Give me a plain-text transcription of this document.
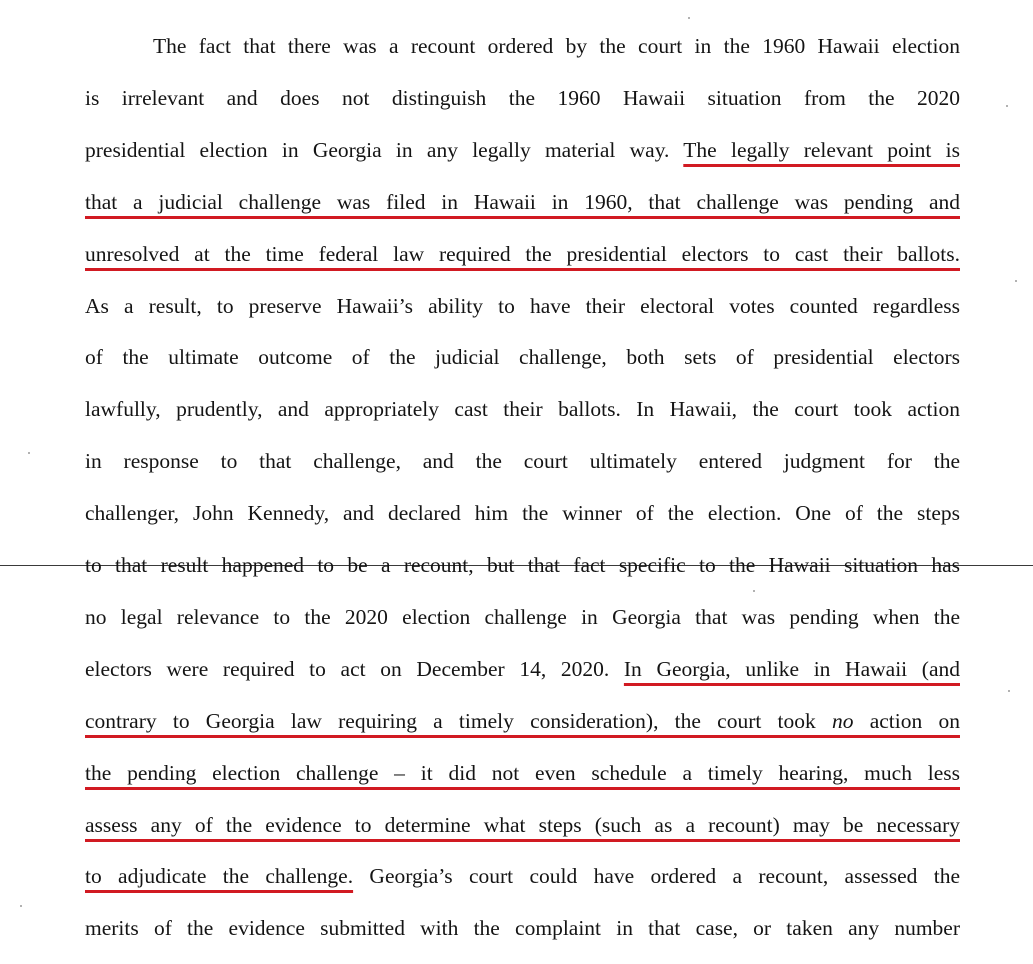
The fact that there was a recount ordered by the court in the 1960 Hawaii election
is irrelevant and does not distinguish the 1960 Hawaii situation from the 2020
presidential election in Georgia in any legally material way. The legally relevant point is
that a judicial challenge was filed in Hawaii in 1960, that challenge was pending and
unresolved at the time federal law required the presidential electors to cast their ballots.
As a result, to preserve Hawaii’s ability to have their electoral votes counted regardless
of the ultimate outcome of the judicial challenge, both sets of presidential electors
lawfully, prudently, and appropriately cast their ballots. In Hawaii, the court took action
in response to that challenge, and the court ultimately entered judgment for the
challenger, John Kennedy, and declared him the winner of the election. One of the steps
to that result happened to be a recount, but that fact specific to the Hawaii situation has
no legal relevance to the 2020 election challenge in Georgia that was pending when the
electors were required to act on December 14, 2020. In Georgia, unlike in Hawaii (and
contrary to Georgia law requiring a timely consideration), the court took no action on
the pending election challenge – it did not even schedule a timely hearing, much less
assess any of the evidence to determine what steps (such as a recount) may be necessary
to adjudicate the challenge. Georgia’s court could have ordered a recount, assessed the
merits of the evidence submitted with the complaint in that case, or taken any number
